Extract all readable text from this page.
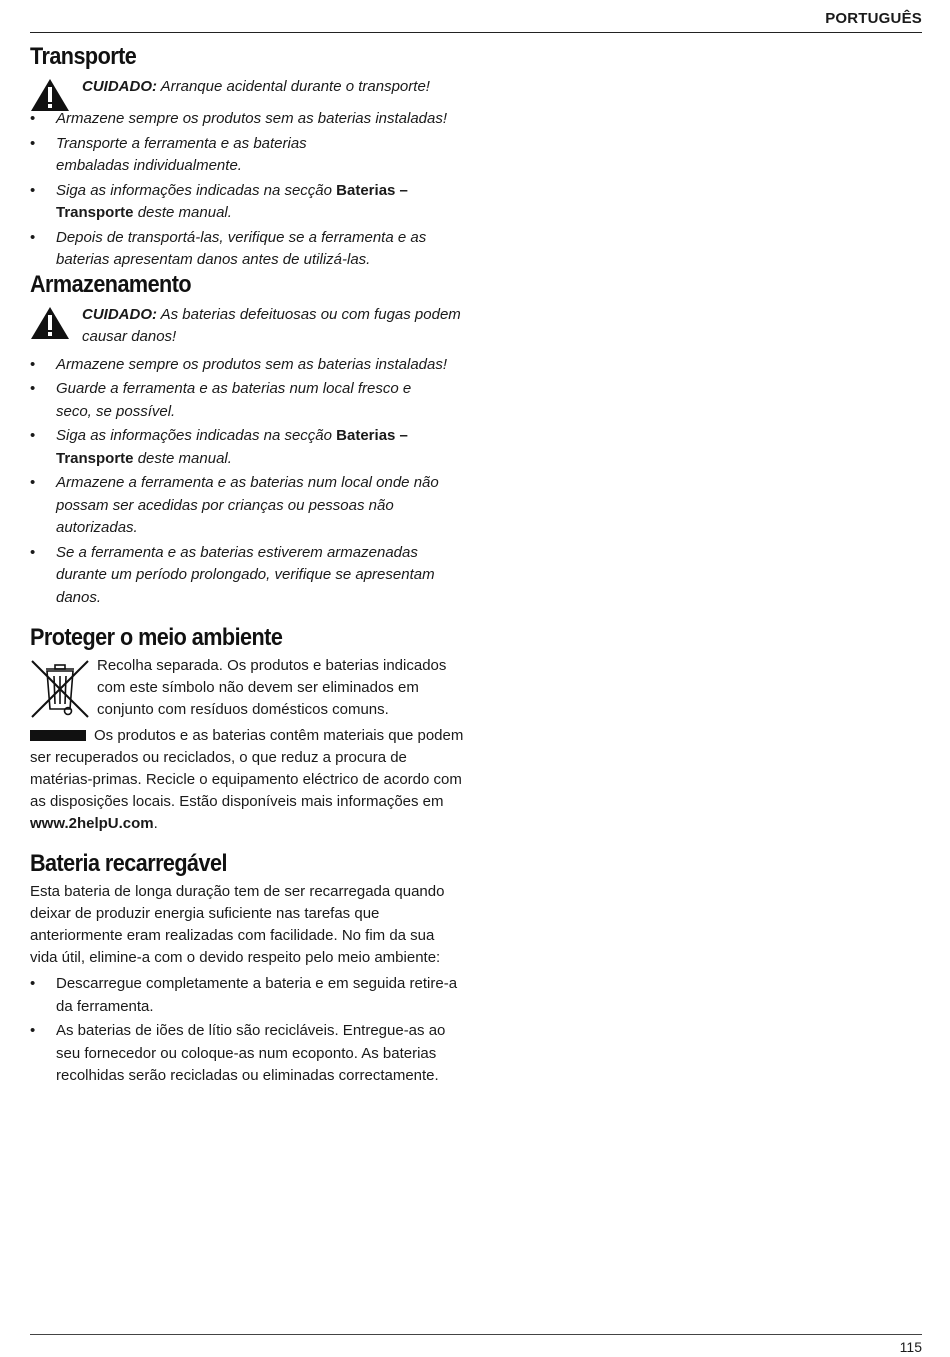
PORTUGUÊS
Transporte
CUIDADO: Arranque acidental durante o transporte!
• Armazene sempre os produtos sem as baterias instaladas!
• Transporte a ferramenta e as baterias embaladas individualmente.
• Siga as informações indicadas na secção Baterias – Transporte deste manual.
• Depois de transportá-las, verifique se a ferramenta e as baterias apresentam danos antes de utilizá-las.
Armazenamento
CUIDADO: As baterias defeituosas ou com fugas podem causar danos!
• Armazene sempre os produtos sem as baterias instaladas!
• Guarde a ferramenta e as baterias num local fresco e seco, se possível.
• Siga as informações indicadas na secção Baterias – Transporte deste manual.
• Armazene a ferramenta e as baterias num local onde não possam ser acedidas por crianças ou pessoas não autorizadas.
• Se a ferramenta e as baterias estiverem armazenadas durante um período prolongado, verifique se apresentam danos.
Proteger o meio ambiente
Recolha separada. Os produtos e baterias indicados com este símbolo não devem ser eliminados em conjunto com resíduos domésticos comuns.

Os produtos e as baterias contêm materiais que podem ser recuperados ou reciclados, o que reduz a procura de matérias-primas. Recicle o equipamento eléctrico de acordo com as disposições locais. Estão disponíveis mais informações em www.2helpU.com.

Bateria recarregável

Esta bateria de longa duração tem de ser recarregada quando deixar de produzir energia suficiente nas tarefas que anteriormente eram realizadas com facilidade. No fim da sua vida útil, elimine-a com o devido respeito pelo meio ambiente:

• Descarregue completamente a bateria e em seguida retire-a da ferramenta.
• As baterias de iões de lítio são recicláveis. Entregue-as ao seu fornecedor ou coloque-as num ecoponto. As baterias recolhidas serão recicladas ou eliminadas correctamente.
115
